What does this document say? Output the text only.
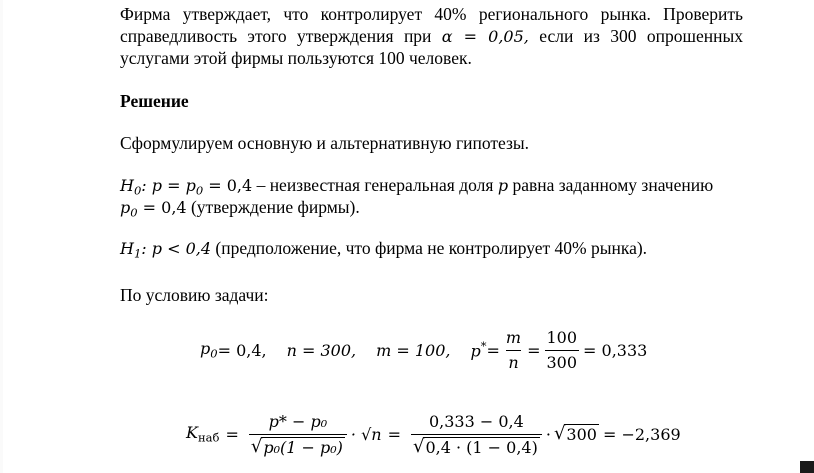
Фирма утверждает, что контролирует 40% регионального рынка. Проверить
справедливость этого утверждения при α = 0,05, если из 300 опрошенных
услугами этой фирмы пользуются 100 человек.
Решение
Сформулируем основную и альтернативную гипотезы.
$H_0$: $p = p_0 = 0,4$ – неизвестная генеральная доля p равна заданному значению
$p_0 = 0,4$ (утверждение фирмы).
$H_1$: p < 0,4 (предположение, что фирма не контролирует 40% рынка).
По условию задачи:
$p_0 = 0,4$, n = 300, m = 100, $p^* = \frac{m}{n} = \frac{100}{300} = 0,333$
$K_{наб} = \frac{\text{p* − p₀}}{\text{√ p₀(1 − p₀)}} \cdot √n = \frac{0,333 - 0,4}{√ 0,4 \cdot (1 - 0,4)}$ · √ 300 = −2,369
